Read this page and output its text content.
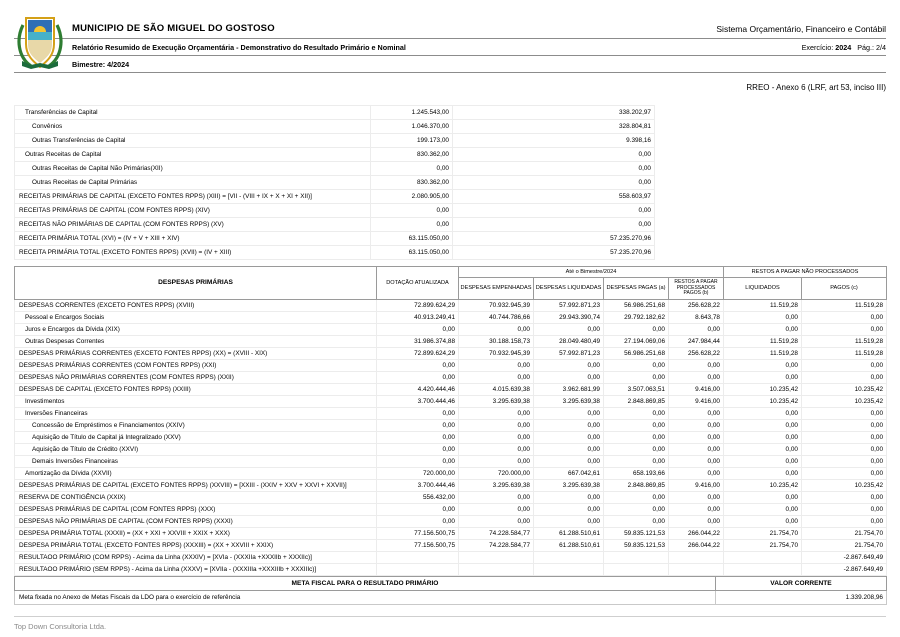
MUNICIPIO DE SÃO MIGUEL DO GOSTOSO	Sistema Orçamentário, Financeiro e Contábil
Relatório Resumido de Execução Orçamentária - Demonstrativo do Resultado Primário e Nominal	Exercício: 2024 Pág.: 2/4
Bimestre: 4/2024
RREO - Anexo 6 (LRF, art 53, inciso III)
Transferências de Capital	1.245.543,00	338.202,97
Convênios	1.046.370,00	328.804,81
Outras Transferências de Capital	199.173,00	9.398,16
Outras Receitas de Capital	830.362,00	0,00
Outras Receitas de Capital Não Primárias(XII)	0,00	0,00
Outras Receitas de Capital Primárias	830.362,00	0,00
RECEITAS PRIMÁRIAS DE CAPITAL (EXCETO FONTES RPPS) (XIII) = [VII - (VIII + IX + X + XI + XII)]	2.080.905,00	558.603,97
RECEITAS PRIMÁRIAS DE CAPITAL (COM FONTES RPPS) (XIV)	0,00	0,00
RECEITAS NÃO PRIMÁRIAS DE CAPITAL (COM FONTES RPPS) (XV)	0,00	0,00
RECEITA PRIMÁRIA TOTAL (XVI) = (IV + V + XIII + XIV)	63.115.050,00	57.235.270,96
RECEITA PRIMÁRIA TOTAL (EXCETO FONTES RPPS) (XVII) = (IV + XIII)	63.115.050,00	57.235.270,96
DESPESAS PRIMÁRIAS	DOTAÇÃO ATUALIZADA	Até o Bimestre/2024				RESTOS A PAGAR NÃO PROCESSADOS	
		DESPESAS EMPENHADAS	DESPESAS LIQUIDADAS	DESPESAS PAGAS (a)	RESTOS A PAGAR PROCESSADOS PAGOS (b)	LIQUIDADOS	PAGOS (c)
DESPESAS CORRENTES (EXCETO FONTES RPPS) (XVIII)	72.899.624,29	70.932.945,39	57.992.871,23	56.986.251,68	256.628,22	11.519,28	11.519,28
Pessoal e Encargos Sociais	40.913.249,41	40.744.786,66	29.943.390,74	29.792.182,62	8.643,78	0,00	0,00
Juros e Encargos da Dívida (XIX)	0,00	0,00	0,00	0,00	0,00	0,00	0,00
Outras Despesas Correntes	31.986.374,88	30.188.158,73	28.049.480,49	27.194.069,06	247.984,44	11.519,28	11.519,28
DESPESAS PRIMÁRIAS CORRENTES (EXCETO FONTES RPPS) (XX) = (XVIII - XIX)	72.899.624,29	70.932.945,39	57.992.871,23	56.986.251,68	256.628,22	11.519,28	11.519,28
DESPESAS PRIMÁRIAS CORRENTES (COM FONTES RPPS) (XXI)	0,00	0,00	0,00	0,00	0,00	0,00	0,00
DESPESAS NÃO PRIMÁRIAS CORRENTES (COM FONTES RPPS) (XXII)	0,00	0,00	0,00	0,00	0,00	0,00	0,00
DESPESAS DE CAPITAL (EXCETO FONTES RPPS) (XXIII)	4.420.444,46	4.015.639,38	3.962.681,99	3.507.063,51	9.416,00	10.235,42	10.235,42
Investimentos	3.700.444,46	3.295.639,38	3.295.639,38	2.848.869,85	9.416,00	10.235,42	10.235,42
Inversões Financeiras	0,00	0,00	0,00	0,00	0,00	0,00	0,00
Concessão de Empréstimos e Financiamentos (XXIV)	0,00	0,00	0,00	0,00	0,00	0,00	0,00
Aquisição de Título de Capital já Integralizado (XXV)	0,00	0,00	0,00	0,00	0,00	0,00	0,00
Aquisição de Título de Crédito (XXVI)	0,00	0,00	0,00	0,00	0,00	0,00	0,00
Demais Inversões Financeiras	0,00	0,00	0,00	0,00	0,00	0,00	0,00
Amortização da Dívida (XXVII)	720.000,00	720.000,00	667.042,61	658.193,66	0,00	0,00	0,00
DESPESAS PRIMÁRIAS DE CAPITAL (EXCETO FONTES RPPS) (XXVIII) = [XXIII - (XXIV + XXV + XXVI + XXVII)]	3.700.444,46	3.295.639,38	3.295.639,38	2.848.869,85	9.416,00	10.235,42	10.235,42
RESERVA DE CONTIGÊNCIA (XXIX)	556.432,00	0,00	0,00	0,00	0,00	0,00	0,00
DESPESAS PRIMÁRIAS DE CAPITAL (COM FONTES RPPS) (XXX)	0,00	0,00	0,00	0,00	0,00	0,00	0,00
DESPESAS NÃO PRIMÁRIAS DE CAPITAL (COM FONTES RPPS) (XXXI)	0,00	0,00	0,00	0,00	0,00	0,00	0,00
DESPESA PRIMÁRIA TOTAL (XXXII) = (XX + XXI + XXVIII + XXIX + XXX)	77.156.500,75	74.228.584,77	61.288.510,61	59.835.121,53	266.044,22	21.754,70	21.754,70
DESPESA PRIMÁRIA TOTAL (EXCETO FONTES RPPS) (XXXIII) = (XX + XXVIII + XXIX)	77.156.500,75	74.228.584,77	61.288.510,61	59.835.121,53	266.044,22	21.754,70	21.754,70
RESULTAOO PRIMÁRIO (COM RPPS) - Acima da Linha (XXXIV) = [XVIa - (XXXIIa +XXXIIb + XXXIIc)]							-2.867.649,49
RESULTAOO PRIMÁRIO (SEM RPPS) - Acima da Linha (XXXV) = [XVIIa - (XXXIIIa +XXXIIIb + XXXIIIc)]							-2.867.649,49
META FISCAL PARA O RESULTADO PRIMÁRIO	VALOR CORRENTE
Meta fixada no Anexo de Metas Fiscais da LDO para o exercício de referência	1.339.208,96
Top Down Consultoria Ltda.
